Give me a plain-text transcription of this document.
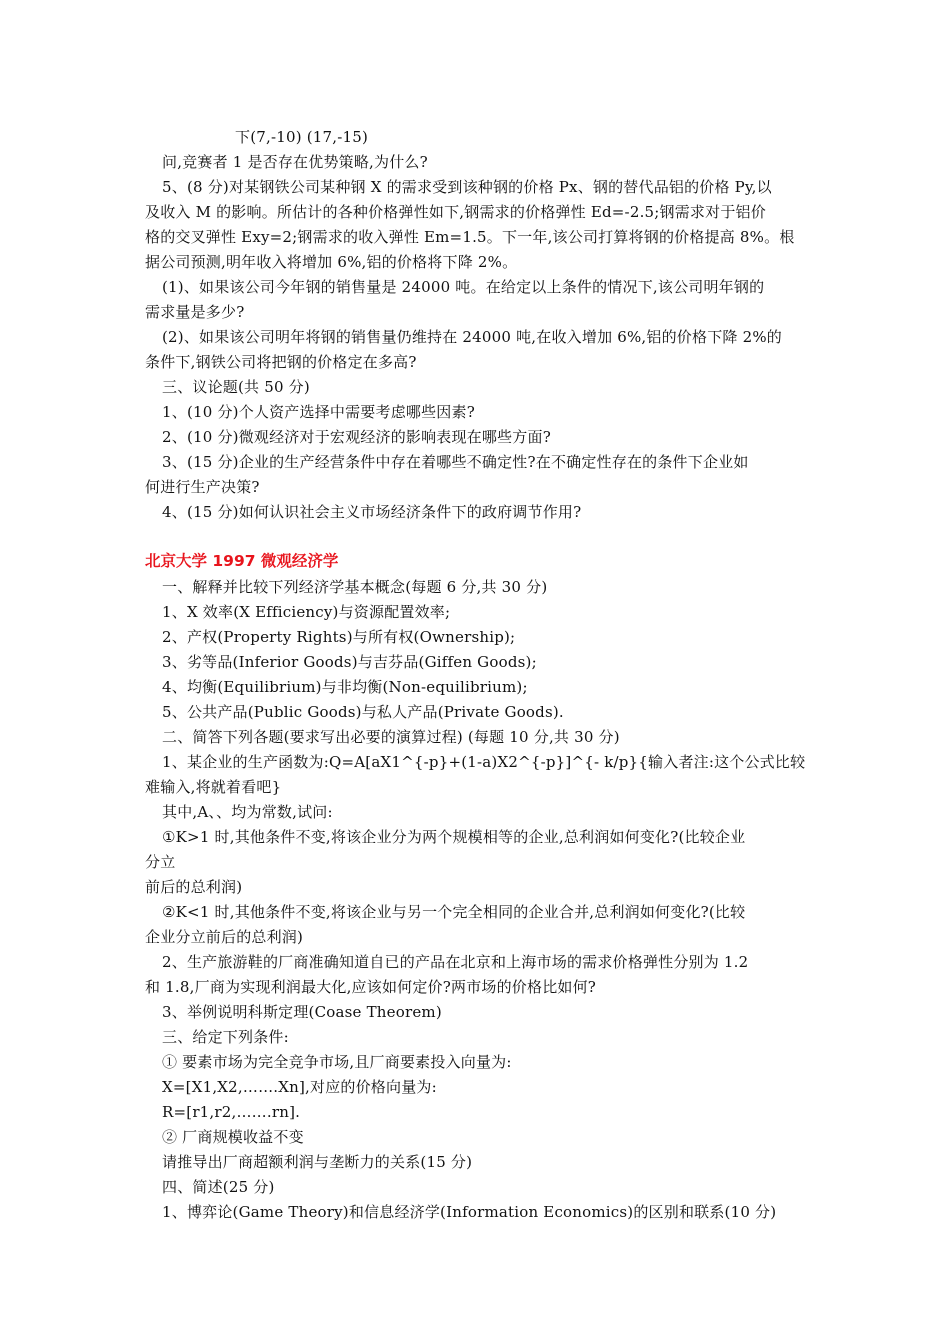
下(7,-10) (17,-15)
问,竞赛者 1 是否存在优势策略,为什么?
5、(8 分)对某钢铁公司某种钢 X 的需求受到该种钢的价格 Px、钢的替代品铝的价格 Py,以
及收入 M 的影响。所估计的各种价格弹性如下,钢需求的价格弹性 Ed=-2.5;钢需求对于铝价
格的交叉弹性 Exy=2;钢需求的收入弹性 Em=1.5。下一年,该公司打算将钢的价格提高 8%。根
据公司预测,明年收入将增加 6%,铝的价格将下降 2%。
(1)、如果该公司今年钢的销售量是 24000 吨。在给定以上条件的情况下,该公司明年钢的
需求量是多少?
(2)、如果该公司明年将钢的销售量仍维持在 24000 吨,在收入增加 6%,铝的价格下降 2%的
条件下,钢铁公司将把钢的价格定在多高?
三、议论题(共 50 分)
1、(10 分)个人资产选择中需要考虑哪些因素?
2、(10 分)微观经济对于宏观经济的影响表现在哪些方面?
3、(15 分)企业的生产经营条件中存在着哪些不确定性?在不确定性存在的条件下企业如
何进行生产决策?
4、(15 分)如何认识社会主义市场经济条件下的政府调节作用?
北京大学 1997 微观经济学
一、解释并比较下列经济学基本概念(每题 6 分,共 30 分)
1、X 效率(X Efficiency)与资源配置效率;
2、产权(Property Rights)与所有权(Ownership);
3、劣等品(Inferior Goods)与吉芬品(Giffen Goods);
4、均衡(Equilibrium)与非均衡(Non-equilibrium);
5、公共产品(Public Goods)与私人产品(Private Goods).
二、简答下列各题(要求写出必要的演算过程) (每题 10 分,共 30 分)
1、某企业的生产函数为:Q=A[aX1^{-p}+(1-a)X2^{-p}]^{- k/p}{输入者注:这个公式比较
难输入,将就着看吧}
其中,A、、均为常数,试问:
①K>1 时,其他条件不变,将该企业分为两个规模相等的企业,总利润如何变化?(比较企业
分立
前后的总利润)
②K<1 时,其他条件不变,将该企业与另一个完全相同的企业合并,总利润如何变化?(比较
企业分立前后的总利润)
2、生产旅游鞋的厂商准确知道自已的产品在北京和上海市场的需求价格弹性分别为 1.2
和 1.8,厂商为实现利润最大化,应该如何定价?两市场的价格比如何?
3、举例说明科斯定理(Coase Theorem)
三、给定下列条件:
① 要素市场为完全竞争市场,且厂商要素投入向量为:
X=[X1,X2,…….Xn],对应的价格向量为:
R=[r1,r2,…….rn].
② 厂商规模收益不变
请推导出厂商超额利润与垄断力的关系(15 分)
四、简述(25 分)
1、博弈论(Game Theory)和信息经济学(Information Economics)的区别和联系(10 分)
